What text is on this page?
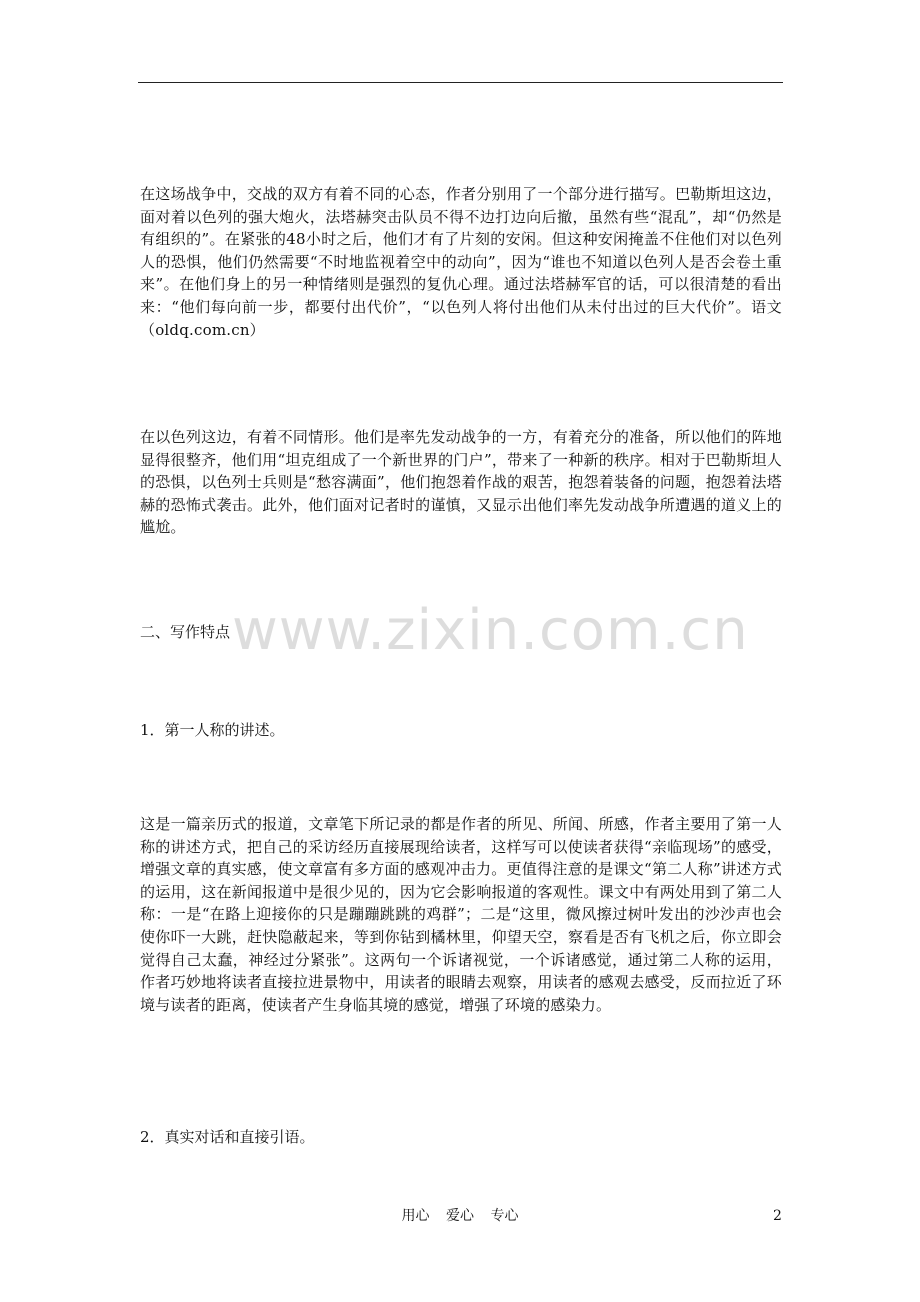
在这场战争中，交战的双方有着不同的心态，作者分别用了一个部分进行描写。巴勒斯坦这边，面对着以色列的强大炮火，法塔赫突击队员不得不边打边向后撤，虽然有些“混乱”，却“仍然是有组织的”。在紧张的48小时之后，他们才有了片刻的安闲。但这种安闲掩盖不住他们对以色列人的恐惧，他们仍然需要“不时地监视着空中的动向”，因为“谁也不知道以色列人是否会卷土重来”。在他们身上的另一种情绪则是强烈的复仇心理。通过法塔赫军官的话，可以很清楚的看出来：“他们每向前一步，都要付出代价”，“以色列人将付出他们从未付出过的巨大代价”。语文（oldq.com.cn）

在以色列这边，有着不同情形。他们是率先发动战争的一方，有着充分的准备，所以他们的阵地显得很整齐，他们用“坦克组成了一个新世界的门户”，带来了一种新的秩序。相对于巴勒斯坦人的恐惧，以色列士兵则是“愁容满面”，他们抱怨着作战的艰苦，抱怨着装备的问题，抱怨着法塔赫的恐怖式袭击。此外，他们面对记者时的谨慎，又显示出他们率先发动战争所遭遇的道义上的尴尬。

二、写作特点 www.zixin.com.cn

1．第一人称的讲述。

这是一篇亲历式的报道，文章笔下所记录的都是作者的所见、所闻、所感，作者主要用了第一人称的讲述方式，把自己的采访经历直接展现给读者，这样写可以使读者获得“亲临现场”的感受，增强文章的真实感，使文章富有多方面的感观冲击力。更值得注意的是课文“第二人称”讲述方式的运用，这在新闻报道中是很少见的，因为它会影响报道的客观性。课文中有两处用到了第二人称：一是“在路上迎接你的只是蹦蹦跳跳的鸡群”；二是“这里，微风擦过树叶发出的沙沙声也会使你吓一大跳，赶快隐蔽起来，等到你钻到橘林里，仰望天空，察看是否有飞机之后，你立即会觉得自己太蠢，神经过分紧张”。这两句一个诉诸视觉，一个诉诸感觉，通过第二人称的运用，作者巧妙地将读者直接拉进景物中，用读者的眼睛去观察，用读者的感观去感受，反而拉近了环境与读者的距离，使读者产生身临其境的感觉，增强了环境的感染力。

2．真实对话和直接引语。

用心 爱心 专心	2
